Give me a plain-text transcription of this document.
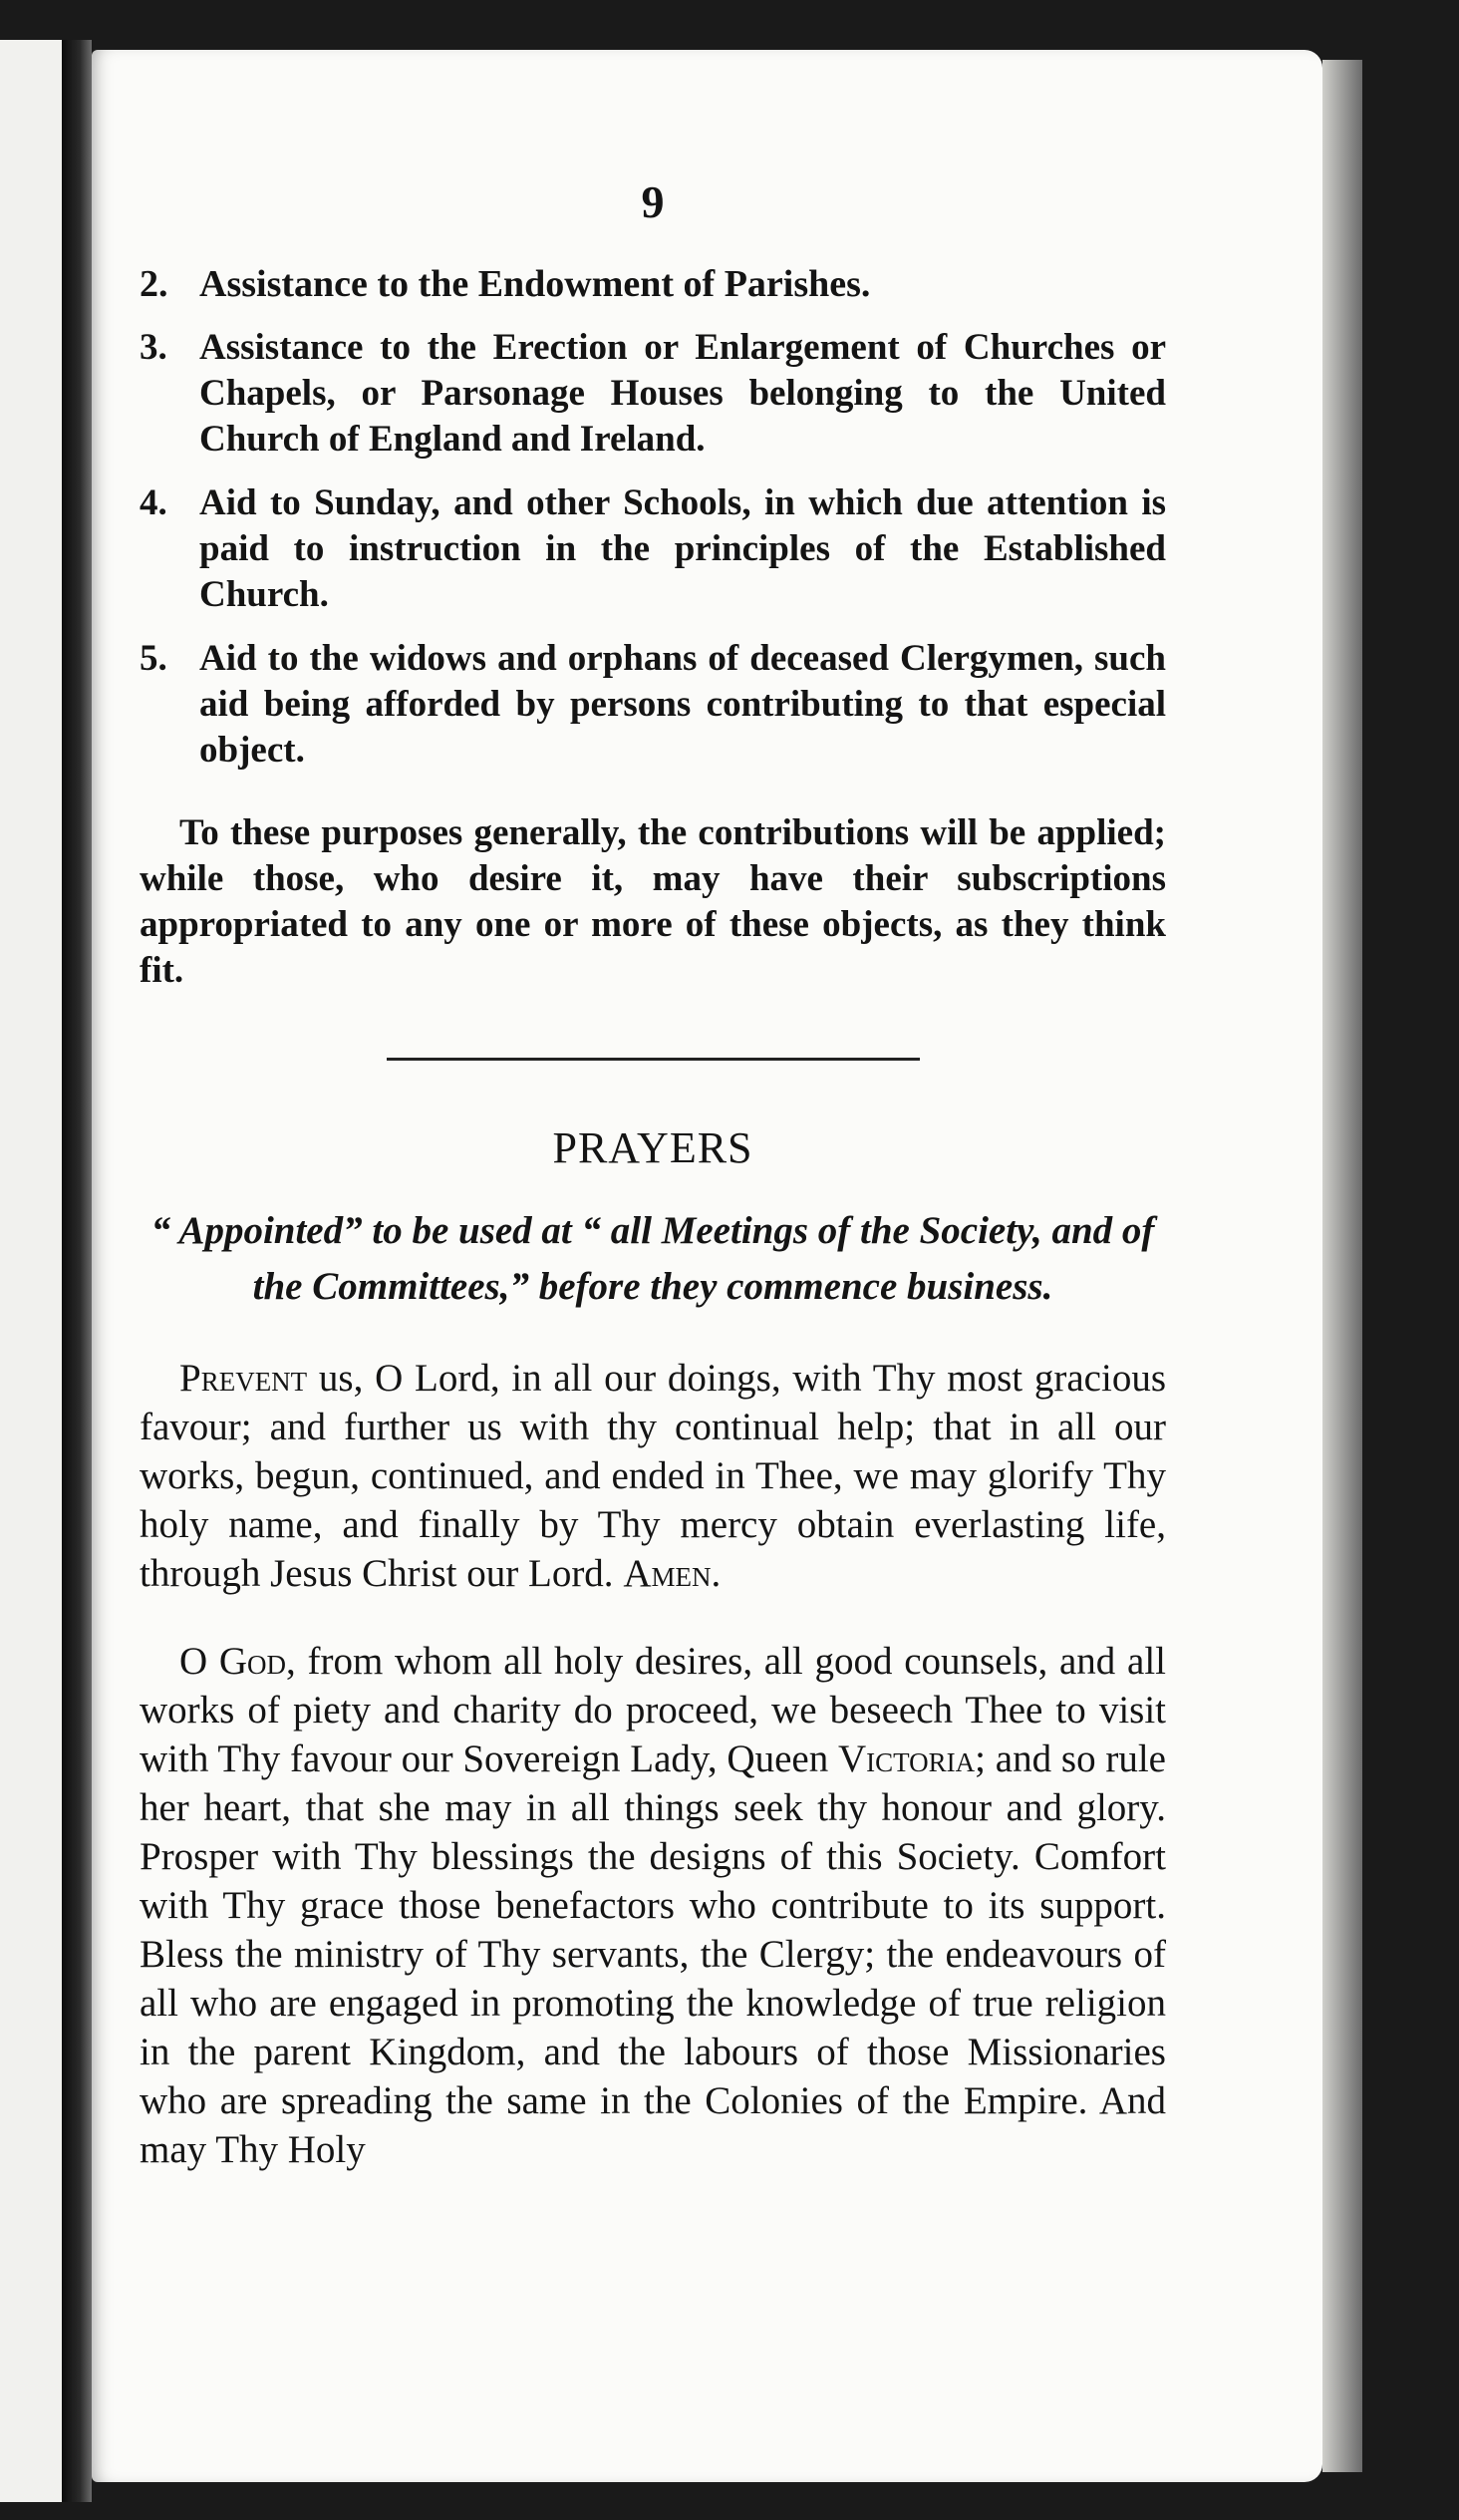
9
2. Assistance to the Endowment of Parishes.
3. Assistance to the Erection or Enlargement of Churches or Chapels, or Parsonage Houses belonging to the United Church of England and Ireland.
4. Aid to Sunday, and other Schools, in which due attention is paid to instruction in the principles of the Established Church.
5. Aid to the widows and orphans of deceased Clergymen, such aid being afforded by persons contributing to that especial object.

To these purposes generally, the contributions will be applied; while those, who desire it, may have their subscriptions appropriated to any one or more of these objects, as they think fit.

PRAYERS
“ Appointed” to be used at “ all Meetings of the Society, and of the Committees,” before they commence business.

Prevent us, O Lord, in all our doings, with Thy most gracious favour; and further us with thy continual help; that in all our works, begun, continued, and ended in Thee, we may glorify Thy holy name, and finally by Thy mercy obtain everlasting life, through Jesus Christ our Lord. Amen.

O God, from whom all holy desires, all good counsels, and all works of piety and charity do proceed, we beseech Thee to visit with Thy favour our Sovereign Lady, Queen Victoria; and so rule her heart, that she may in all things seek thy honour and glory. Prosper with Thy blessings the designs of this Society. Comfort with Thy grace those benefactors who contribute to its support. Bless the ministry of Thy servants, the Clergy; the endeavours of all who are engaged in promoting the knowledge of true religion in the parent Kingdom, and the labours of those Missionaries who are spreading the same in the Colonies of the Empire. And may Thy Holy
